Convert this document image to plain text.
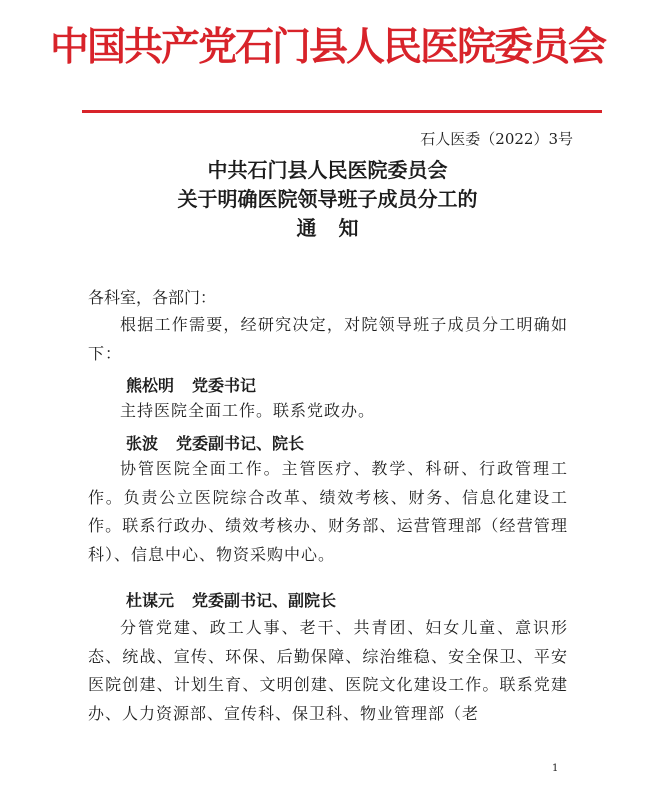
中国共产党石门县人民医院委员会
石人医委（2022）3号
中共石门县人民医院委员会
关于明确医院领导班子成员分工的
通知
各科室，各部门：
根据工作需要，经研究决定，对院领导班子成员分工明确如下：
熊松明 党委书记
主持医院全面工作。联系党政办。
张波 党委副书记、院长
协管医院全面工作。主管医疗、教学、科研、行政管理工作。负责公立医院综合改革、绩效考核、财务、信息化建设工作。联系行政办、绩效考核办、财务部、运营管理部（经营管理科）、信息中心、物资采购中心。
杜谋元 党委副书记、副院长
分管党建、政工人事、老干、共青团、妇女儿童、意识形态、统战、宣传、环保、后勤保障、综治维稳、安全保卫、平安医院创建、计划生育、文明创建、医院文化建设工作。联系党建办、人力资源部、宣传科、保卫科、物业管理部（老
1
